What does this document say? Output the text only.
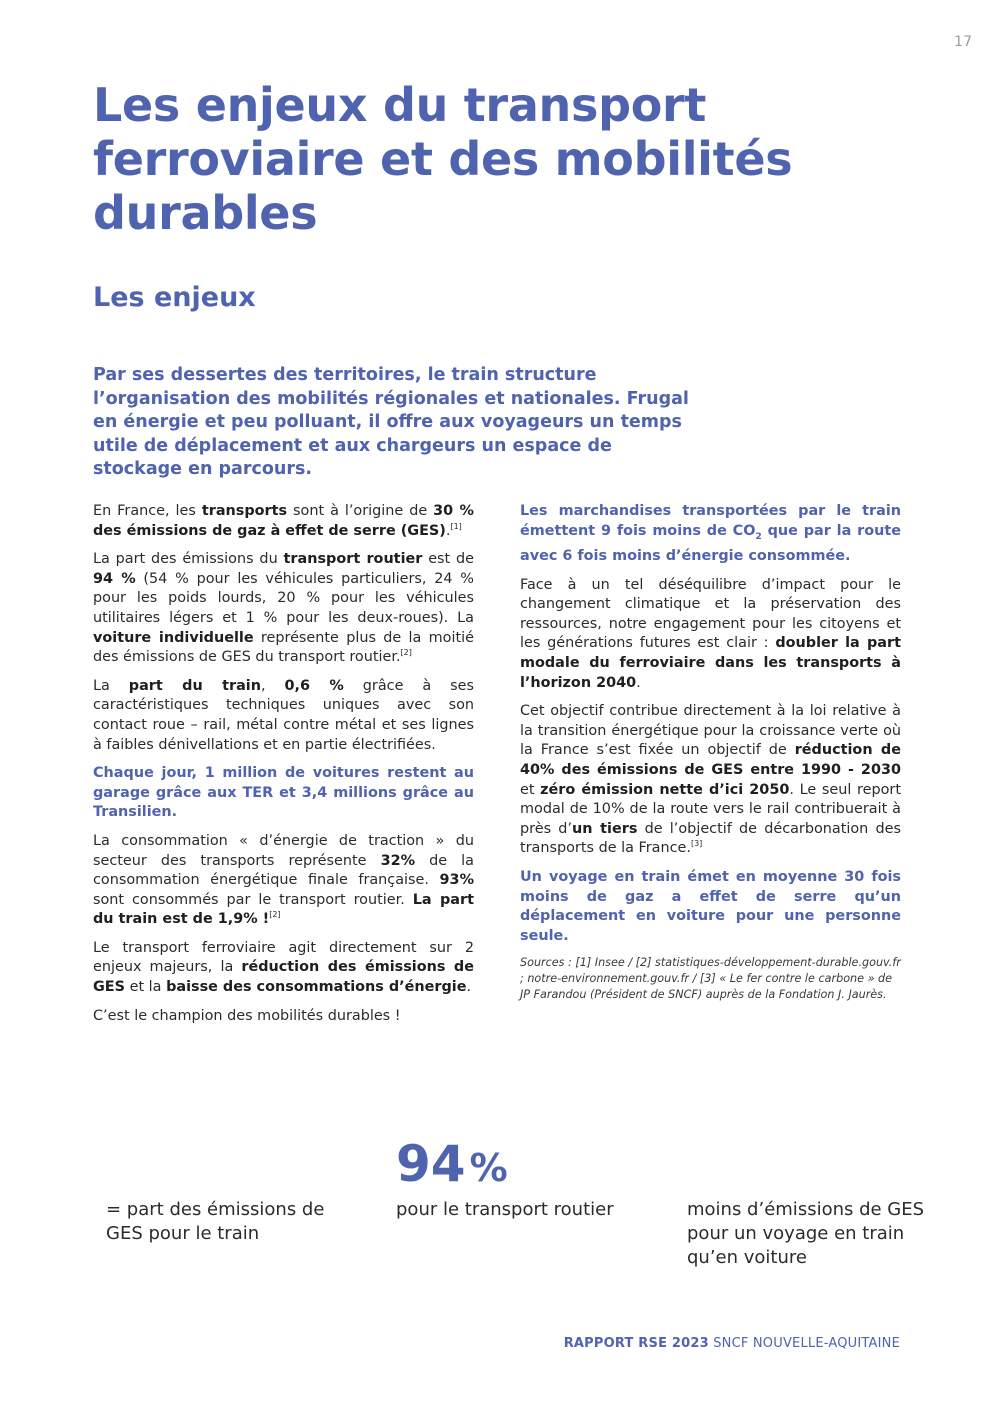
17
Les enjeux du transport ferroviaire et des mobilités durables
Les enjeux

Par ses dessertes des territoires, le train structure l’organisation des mobilités régionales et nationales. Frugal en énergie et peu polluant, il offre aux voyageurs un temps utile de déplacement et aux chargeurs un espace de stockage en parcours.

En France, les transports sont à l’origine de 30 % des émissions de gaz à effet de serre (GES).[1]

La part des émissions du transport routier est de 94 % (54 % pour les véhicules particuliers, 24 % pour les poids lourds, 20 % pour les véhicules utilitaires légers et 1 % pour les deux-roues). La voiture individuelle représente plus de la moitié des émissions de GES du transport routier.[2]

La part du train, 0,6 % grâce à ses caractéristiques techniques uniques avec son contact roue – rail, métal contre métal et ses lignes à faibles dénivellations et en partie électrifiées.

Chaque jour, 1 million de voitures restent au garage grâce aux TER et 3,4 millions grâce au Transilien.

La consommation « d’énergie de traction » du secteur des transports représente 32% de la consommation énergétique finale française. 93% sont consommés par le transport routier. La part du train est de 1,9% ![2]

Le transport ferroviaire agit directement sur 2 enjeux majeurs, la réduction des émissions de GES et la baisse des consommations d’énergie.

C’est le champion des mobilités durables !

Les marchandises transportées par le train émettent 9 fois moins de $CO_2$ que par la route avec 6 fois moins d’énergie consommée.

Face à un tel déséquilibre d’impact pour le changement climatique et la préservation des ressources, notre engagement pour les citoyens et les générations futures est clair : doubler la part modale du ferroviaire dans les transports à l’horizon 2040.

Cet objectif contribue directement à la loi relative à la transition énergétique pour la croissance verte où la France s’est fixée un objectif de réduction de 40% des émissions de GES entre 1990 - 2030 et zéro émission nette d’ici 2050. Le seul report modal de 10% de la route vers le rail contribuerait à près d’un tiers de l’objectif de décarbonation des transports de la France.[3]

Un voyage en train émet en moyenne 30 fois moins de gaz a effet de serre qu’un déplacement en voiture pour une personne seule.

Sources : [1] Insee / [2] statistiques-développement-durable.gouv.fr ; notre-environnement.gouv.fr / [3] « Le fer contre le carbone » de JP Farandou (Président de SNCF) auprès de la Fondation J. Jaurès.

= part des émissions de GES pour le train
94 %
pour le transport routier	moins d’émissions de GES pour un voyage en train qu’en voiture
RAPPORT RSE 2023 SNCF NOUVELLE-AQUITAINE
